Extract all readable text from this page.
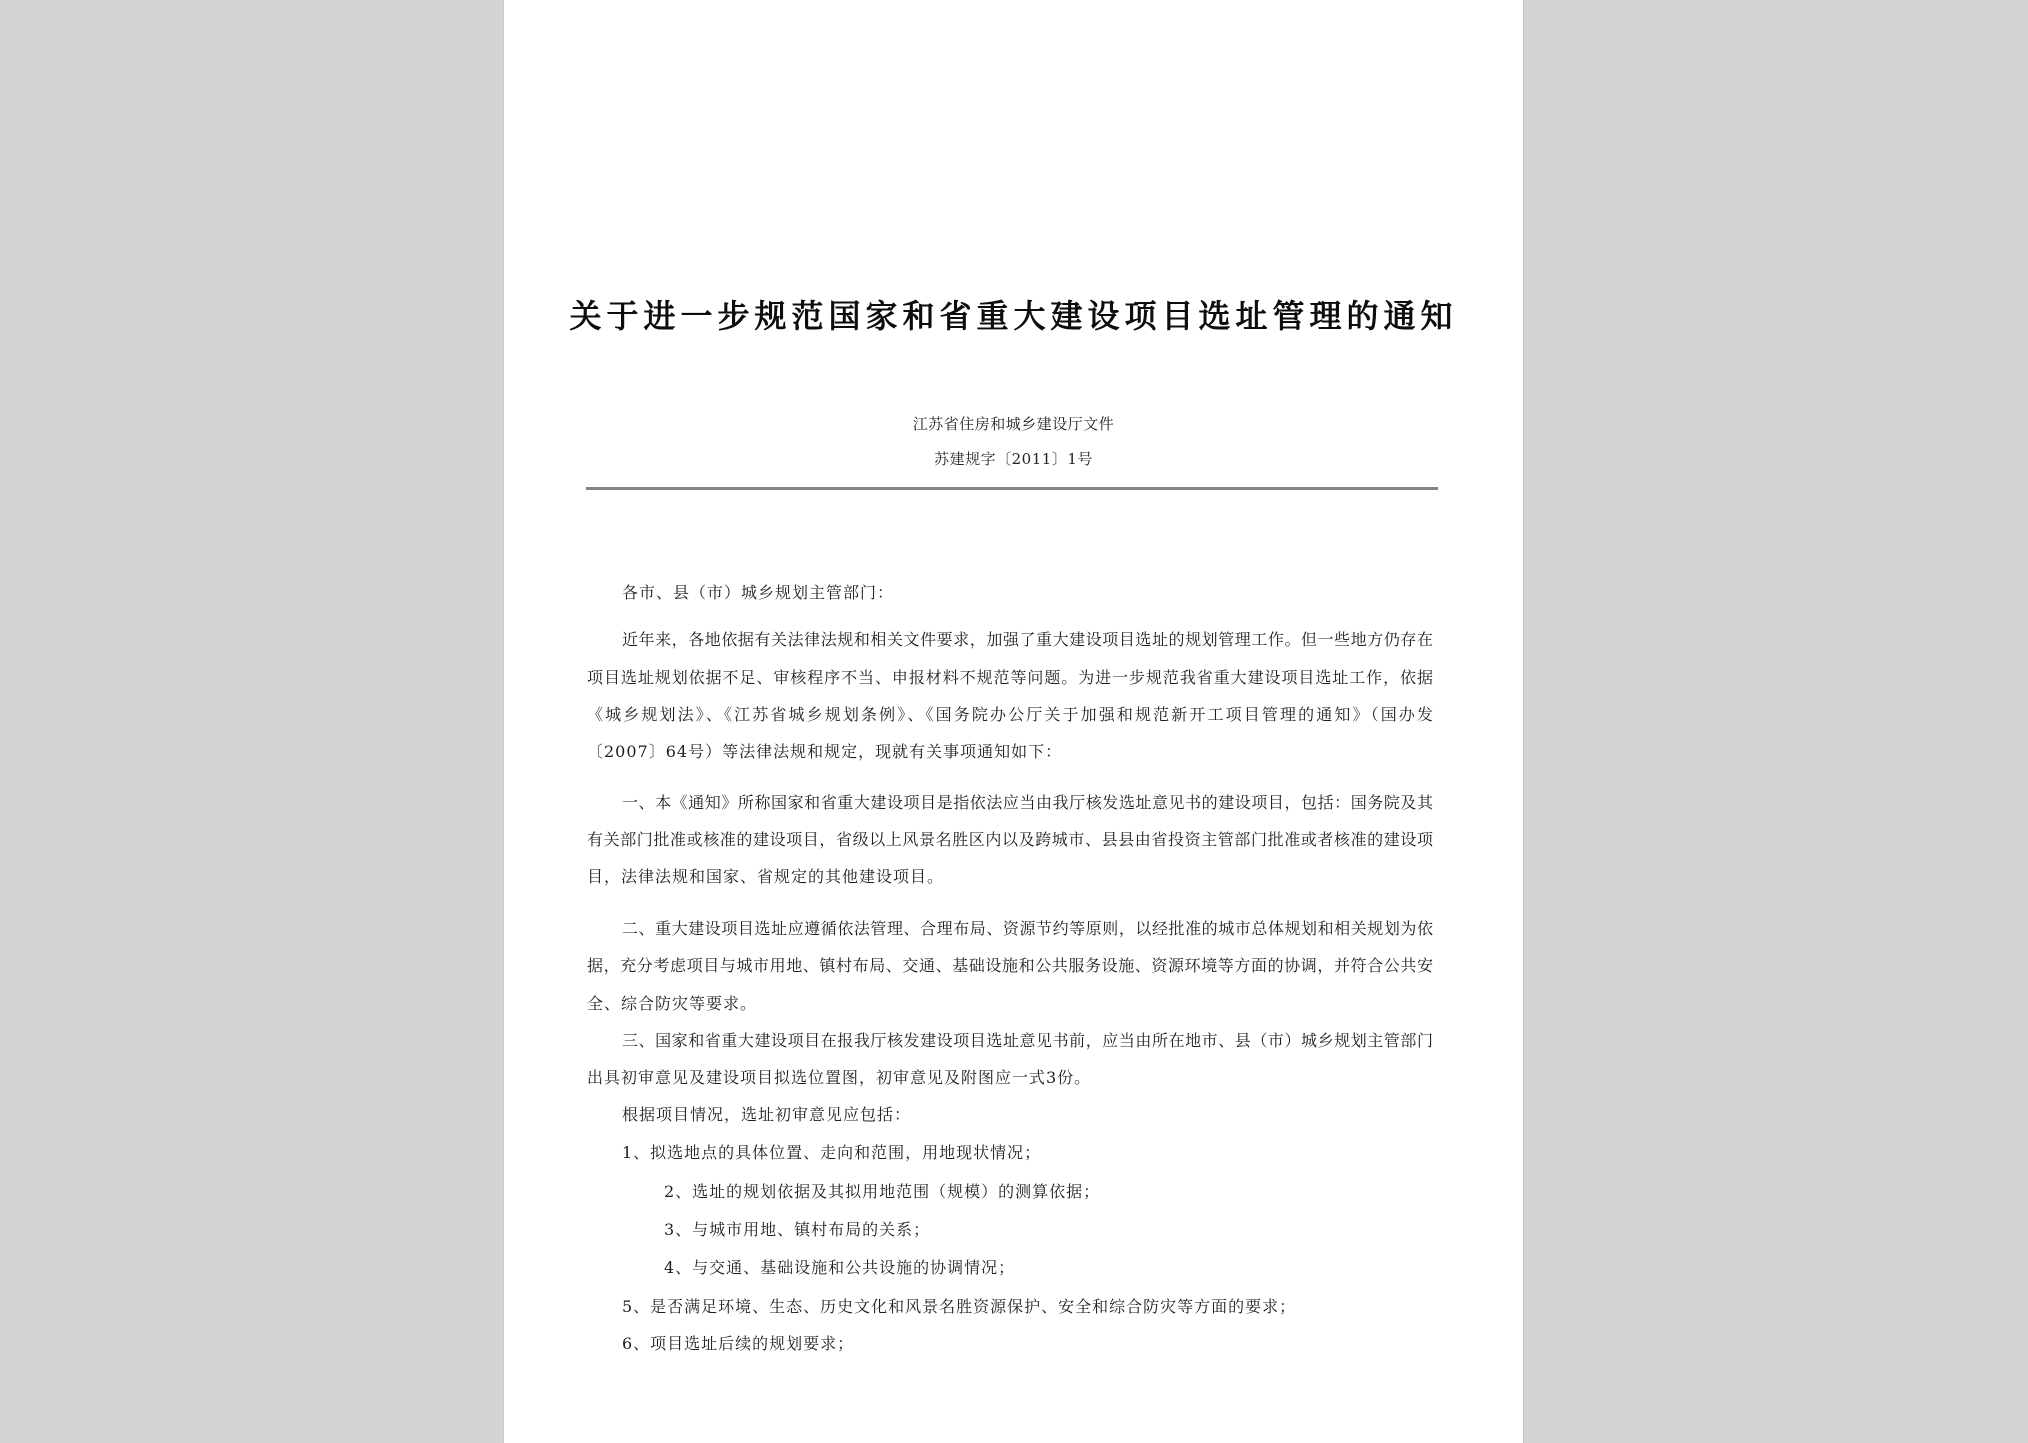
关于进一步规范国家和省重大建设项目选址管理的通知
江苏省住房和城乡建设厅文件
苏建规字〔2011〕1号
各市、县（市）城乡规划主管部门：
近年来，各地依据有关法律法规和相关文件要求，加强了重大建设项目选址的规划管理工作。但一些地方仍存在
项目选址规划依据不足、审核程序不当、申报材料不规范等问题。为进一步规范我省重大建设项目选址工作，依据
《城乡规划法》、《江苏省城乡规划条例》、《国务院办公厅关于加强和规范新开工项目管理的通知》（国办发
〔2007〕64号）等法律法规和规定，现就有关事项通知如下：
一、本《通知》所称国家和省重大建设项目是指依法应当由我厅核发选址意见书的建设项目，包括：国务院及其
有关部门批准或核准的建设项目，省级以上风景名胜区内以及跨城市、县县由省投资主管部门批准或者核准的建设项
目，法律法规和国家、省规定的其他建设项目。
二、重大建设项目选址应遵循依法管理、合理布局、资源节约等原则，以经批准的城市总体规划和相关规划为依
据，充分考虑项目与城市用地、镇村布局、交通、基础设施和公共服务设施、资源环境等方面的协调，并符合公共安
全、综合防灾等要求。
三、国家和省重大建设项目在报我厅核发建设项目选址意见书前，应当由所在地市、县（市）城乡规划主管部门
出具初审意见及建设项目拟选位置图，初审意见及附图应一式3份。
根据项目情况，选址初审意见应包括：
1、拟选地点的具体位置、走向和范围，用地现状情况；
2、选址的规划依据及其拟用地范围（规模）的测算依据；
3、与城市用地、镇村布局的关系；
4、与交通、基础设施和公共设施的协调情况；
5、是否满足环境、生态、历史文化和风景名胜资源保护、安全和综合防灾等方面的要求；
6、项目选址后续的规划要求；
